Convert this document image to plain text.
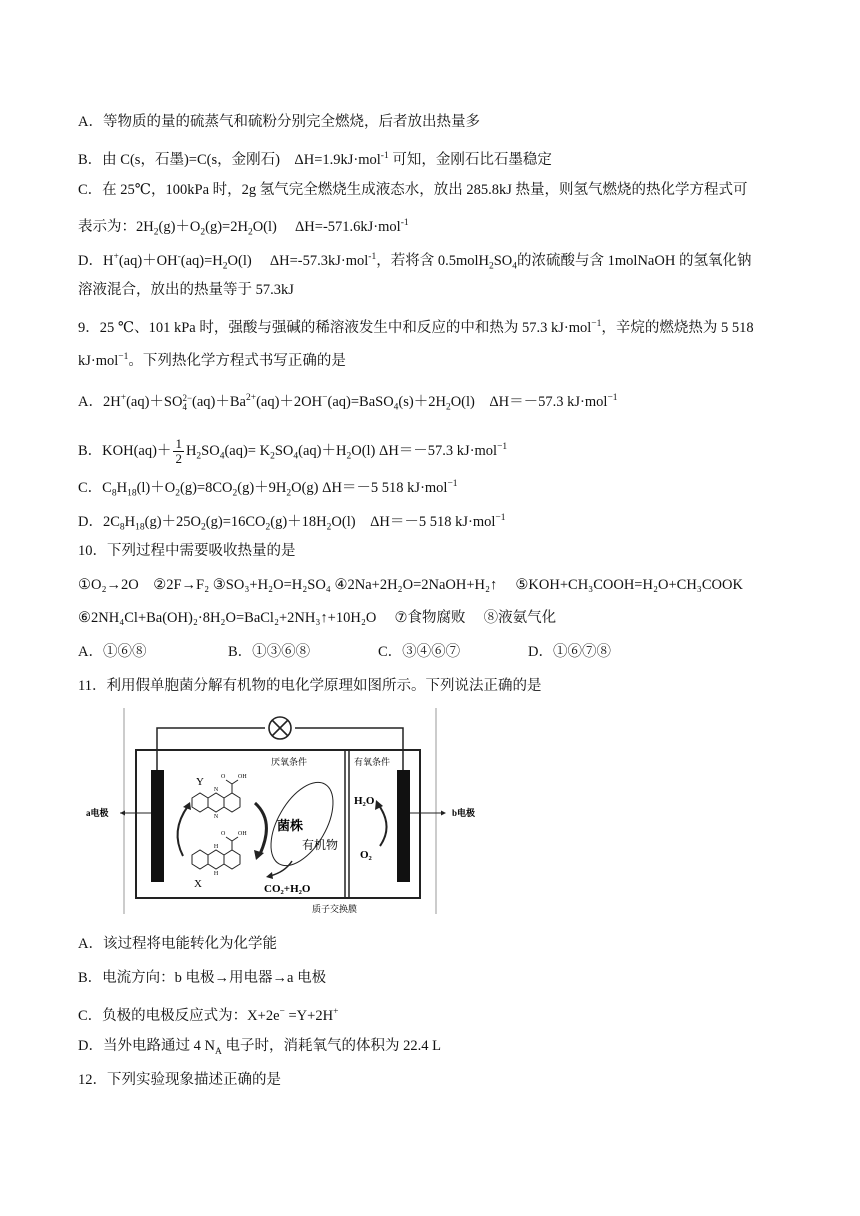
A．等物质的量的硫蒸气和硫粉分别完全燃烧，后者放出热量多
B．由 C(s，石墨)=C(s，金刚石)　ΔH=1.9kJ·mol$^{-1}$ 可知，金刚石比石墨稳定
C．在 25℃，100kPa 时，2g 氢气完全燃烧生成液态水，放出 285.8kJ 热量，则氢气燃烧的热化学方程式可
表示为：$2H_2(g)+O_2(g)=2H_2O(l)$　 ΔH=-571.6kJ·mol$^{-1}$
D．$H^+(aq)+OH^-(aq)=H_2O(l)$　 ΔH=-57.3kJ·mol$^{-1}$，若将含 $0.5molH_2SO_4$的浓硫酸与含 1molNaOH 的氢氧化钠
溶液混合，放出的热量等于 57.3kJ
9．25 ℃、101 kPa 时，强酸与强碱的稀溶液发生中和反应的中和热为 57.3 kJ·mol$^{-1}$，辛烷的燃烧热为 5 518
kJ·mol$^{-1}$。下列热化学方程式书写正确的是
A．2H+(aq)＋SO 2−
4 $(aq)+Ba^{2+}(aq)+2OH^-(aq)=BaSO_4(s)+2H_2O(l)$　ΔH＝－57.3 kJ·mol$^{-1}$
B．$KOH(aq)+ \frac{1}{2} H_2SO_4(aq)= K_2SO_4(aq)+H_2O(l)$ ΔH＝－57.3 kJ·mol$^{-1}$
C．$C_8H_{18}(l)+O_2(g)=8CO_2(g)+9H_2O(g)$ ΔH＝－5 518 kJ·mol$^{-1}$
D．$2C_8H_{18}(g)+25O_2(g)=16CO_2(g)+18H_2O(l)$　ΔH＝－5 518 kJ·mol$^{-1}$
10．下列过程中需要吸收热量的是
①O₂→2O　②2F→F₂ ③SO₃+H₂O=H₂SO₄ ④2Na+2H₂O=2NaOH+H₂↑　 ⑤KOH+CH₃COOH=H₂O+CH₃COOK
⑥2NH₄Cl+Ba(OH)₂·8H₂O=BaCl₂+2NH₃↑+10H₂O　 ⑦食物腐败　 ⑧液氨气化
A．①⑥⑧	B．①③⑥⑧	C．③④⑥⑦	D．①⑥⑦⑧
11．利用假单胞菌分解有机物的电化学原理如图所示。下列说法正确的是
厌氧条件	有氧条件
质子交换膜
a电极	b电极
N
N
OH
O
Y
H
H
OH
O
X
菌株
有机物
CO₂+H₂O
H₂O
O₂
A．该过程将电能转化为化学能
B．电流方向：b 电极→用电器→a 电极
C．负极的电极反应式为：X+2e− =Y+2H+
D．当外电路通过 4 $N_A$ 电子时，消耗氧气的体积为 22.4 L
12．下列实验现象描述正确的是
